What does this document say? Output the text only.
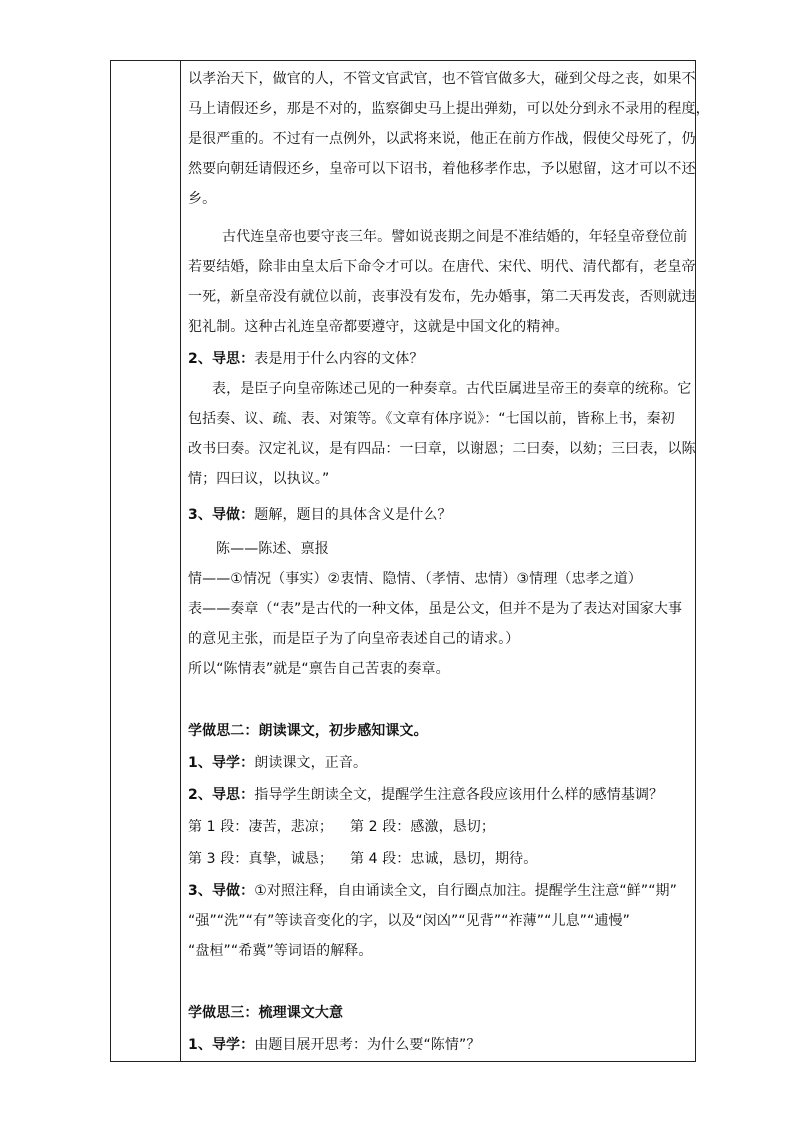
以孝治天下，做官的人，不管文官武官，也不管官做多大，碰到父母之丧，如果不
马上请假还乡，那是不对的，监察御史马上提出弹劾，可以处分到永不录用的程度，
是很严重的。不过有一点例外，以武将来说，他正在前方作战，假使父母死了，仍
然要向朝廷请假还乡，皇帝可以下诏书，着他移孝作忠，予以慰留，这才可以不还
乡。
古代连皇帝也要守丧三年。譬如说丧期之间是不准结婚的，年轻皇帝登位前
若要结婚，除非由皇太后下命令才可以。在唐代、宋代、明代、清代都有，老皇帝
一死，新皇帝没有就位以前，丧事没有发布，先办婚事，第二天再发丧，否则就违
犯礼制。这种古礼连皇帝都要遵守，这就是中国文化的精神。
2、导思：表是用于什么内容的文体？
表，是臣子向皇帝陈述己见的一种奏章。古代臣属进呈帝王的奏章的统称。它
包括奏、议、疏、表、对策等。《文章有体序说》：“七国以前，皆称上书，秦初
改书曰奏。汉定礼议，是有四品：一曰章，以谢恩；二曰奏，以劾；三曰表，以陈
情；四曰议，以执议。”
3、导做：题解，题目的具体含义是什么？
陈——陈述、禀报
情——①情况（事实）②衷情、隐情、（孝情、忠情）③情理（忠孝之道）
表——奏章（“表”是古代的一种文体，虽是公文，但并不是为了表达对国家大事
的意见主张，而是臣子为了向皇帝表述自己的请求。）
所以“陈情表”就是“禀告自己苦衷的奏章。
学做思二：朗读课文，初步感知课文。
1、导学：朗读课文，正音。
2、导思：指导学生朗读全文，提醒学生注意各段应该用什么样的感情基调？
第 1 段：凄苦，悲凉； 第 2 段：感激，恳切；
第 3 段：真挚，诚恳； 第 4 段：忠诚，恳切，期待。
3、导做：①对照注释，自由诵读全文，自行圈点加注。提醒学生注意“鲜”“期”
“强”“洗”“有”等读音变化的字，以及“闵凶”“见背”“祚薄”“儿息”“逋慢”
“盘桓”“希冀”等词语的解释。
学做思三：梳理课文大意
1、导学：由题目展开思考：为什么要“陈情”？
